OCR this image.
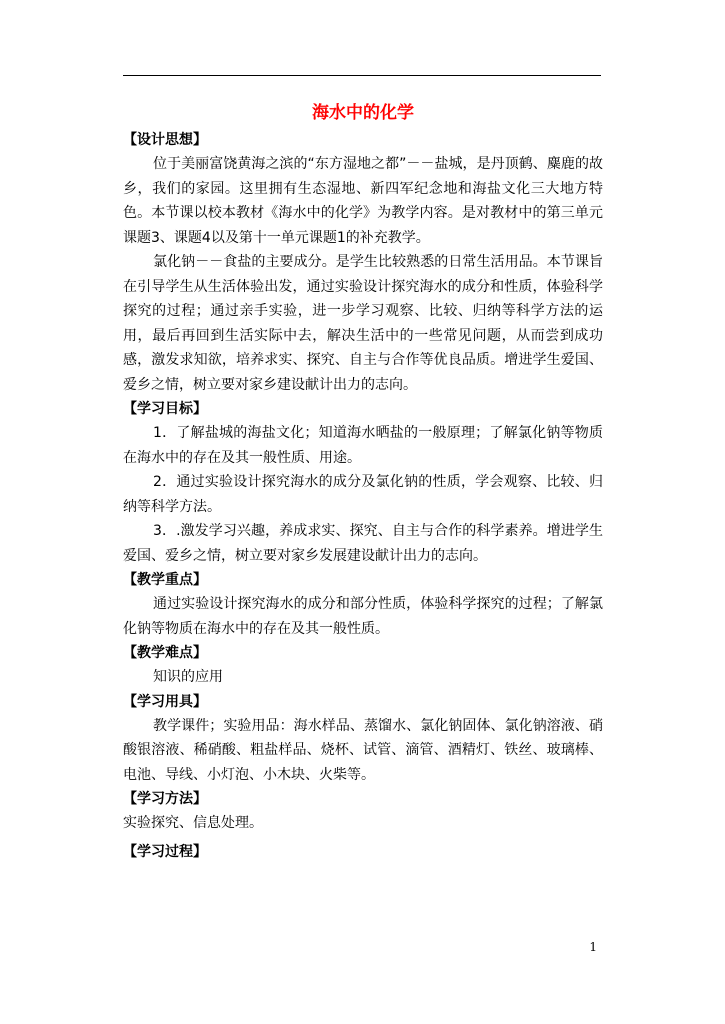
海水中的化学

【设计思想】

位于美丽富饶黄海之滨的“东方湿地之都”－－盐城，是丹顶鹤、麋鹿的故乡，我们的家园。这里拥有生态湿地、新四军纪念地和海盐文化三大地方特色。本节课以校本教材《海水中的化学》为教学内容。是对教材中的第三单元课题3、课题4以及第十一单元课题1的补充教学。

氯化钠－－食盐的主要成分。是学生比较熟悉的日常生活用品。本节课旨在引导学生从生活体验出发，通过实验设计探究海水的成分和性质，体验科学探究的过程；通过亲手实验，进一步学习观察、比较、归纳等科学方法的运用，最后再回到生活实际中去，解决生活中的一些常见问题，从而尝到成功感，激发求知欲，培养求实、探究、自主与合作等优良品质。增进学生爱国、爱乡之情，树立要对家乡建设献计出力的志向。

【学习目标】

1．了解盐城的海盐文化；知道海水晒盐的一般原理；了解氯化钠等物质在海水中的存在及其一般性质、用途。

2．通过实验设计探究海水的成分及氯化钠的性质，学会观察、比较、归纳等科学方法。

3．.激发学习兴趣，养成求实、探究、自主与合作的科学素养。增进学生爱国、爱乡之情，树立要对家乡发展建设献计出力的志向。

【教学重点】

通过实验设计探究海水的成分和部分性质，体验科学探究的过程；了解氯化钠等物质在海水中的存在及其一般性质。

【教学难点】

知识的应用

【学习用具】

教学课件；实验用品：海水样品、蒸馏水、氯化钠固体、氯化钠溶液、硝酸银溶液、稀硝酸、粗盐样品、烧杯、试管、滴管、酒精灯、铁丝、玻璃棒、电池、导线、小灯泡、小木块、火柴等。

【学习方法】

实验探究、信息处理。

【学习过程】

1
